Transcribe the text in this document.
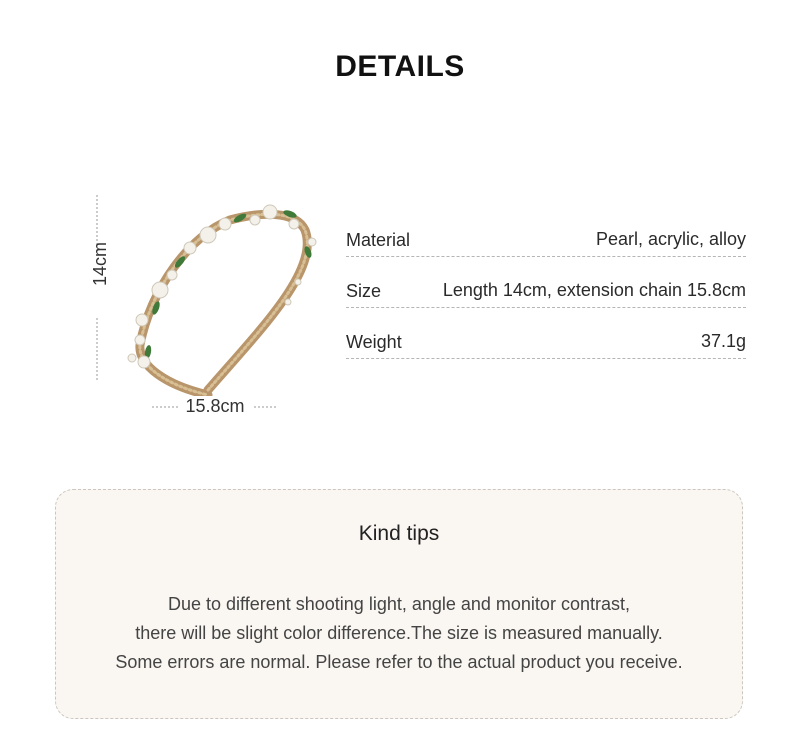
DETAILS
14cm
15.8cm
Material	Pearl, acrylic, alloy
Size	Length 14cm, extension chain 15.8cm
Weight	37.1g
Kind tips
Due to different shooting light, angle and monitor contrast,
there will be slight color difference.The size is measured manually.
Some errors are normal. Please refer to the actual product you receive.
